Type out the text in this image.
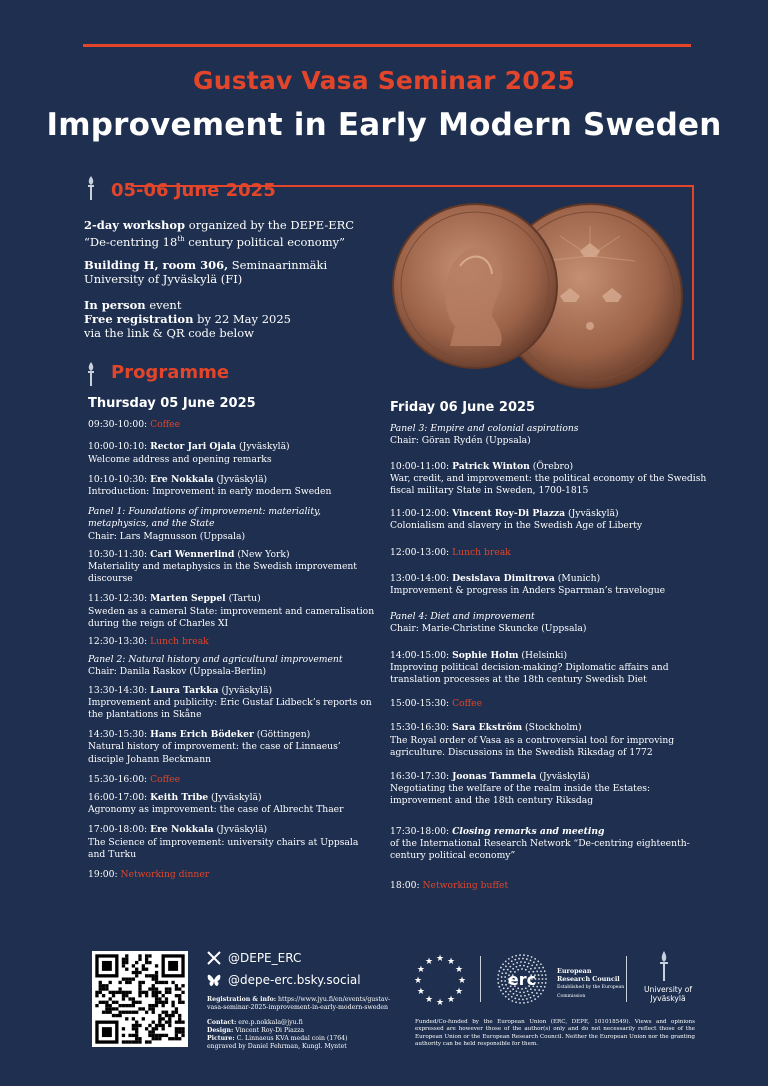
Gustav Vasa Seminar 2025
Improvement in Early Modern Sweden
05-06 June 2025
2-day workshop organized by the DEPE-ERC
“De-centring 18th century political economy”
Building H, room 306, Seminaarinmäki
University of Jyväskylä (FI)
In person event
Free registration by 22 May 2025
via the link & QR code below
Programme
Thursday 05 June 2025
09:30-10:00: Coffee
10:00-10:10: Rector Jari Ojala (Jyväskylä)
Welcome address and opening remarks
10:10-10:30: Ere Nokkala (Jyväskylä)
Introduction: Improvement in early modern Sweden
Panel 1: Foundations of improvement: materiality, metaphysics, and the State
Chair: Lars Magnusson (Uppsala)
10:30-11:30: Carl Wennerlind (New York)
Materiality and metaphysics in the Swedish improvement discourse
11:30-12:30: Marten Seppel (Tartu)
Sweden as a cameral State: improvement and cameralisation during the reign of Charles XI
12:30-13:30: Lunch break
Panel 2: Natural history and agricultural improvement
Chair: Danila Raskov (Uppsala-Berlin)
13:30-14:30: Laura Tarkka (Jyväskylä)
Improvement and publicity: Eric Gustaf Lidbeck’s reports on the plantations in Skåne
14:30-15:30: Hans Erich Bödeker (Göttingen)
Natural history of improvement: the case of Linnaeus’ disciple Johann Beckmann
15:30-16:00: Coffee
16:00-17:00: Keith Tribe (Jyväskylä)
Agronomy as improvement: the case of Albrecht Thaer
17:00-18:00: Ere Nokkala (Jyväskylä)
The Science of improvement: university chairs at Uppsala and Turku
19:00: Networking dinner
Friday 06 June 2025
Panel 3: Empire and colonial aspirations
Chair: Göran Rydén (Uppsala)
10:00-11:00: Patrick Winton (Örebro)
War, credit, and improvement: the political economy of the Swedish fiscal military State in Sweden, 1700-1815
11:00-12:00: Vincent Roy-Di Piazza (Jyväskylä)
Colonialism and slavery in the Swedish Age of Liberty
12:00-13:00: Lunch break
13:00-14:00: Desislava Dimitrova (Munich)
Improvement & progress in Anders Sparrman’s travelogue
Panel 4: Diet and improvement
Chair: Marie-Christine Skuncke (Uppsala)
14:00-15:00: Sophie Holm (Helsinki)
Improving political decision-making? Diplomatic affairs and translation processes at the 18th century Swedish Diet
15:00-15:30: Coffee
15:30-16:30: Sara Ekström (Stockholm)
The Royal order of Vasa as a controversial tool for improving agriculture. Discussions in the Swedish Riksdag of 1772
16:30-17:30: Joonas Tammela (Jyväskylä)
Negotiating the welfare of the realm inside the Estates: improvement and the 18th century Riksdag
17:30-18:00: Closing remarks and meeting
of the International Research Network “De-centring eighteenth-century political economy”
18:00: Networking buffet
@DEPE_ERC
@depe-erc.bsky.social
Registration & info: https://www.jyu.fi/en/events/gustav-vasa-seminar-2025-improvement-in-early-modern-sweden
Contact: ere.p.nokkala@jyu.fi
Design: Vincent Roy-Di Piazza
Picture: C. Linnaeus KVA medal coin (1764)
engraved by Daniel Fehrman, Kungl. Myntet
★
★
★
★
★
★
★
★
★ ★ ★
★	erc	European
Research Council
Established by the European Commission
University of Jyväskylä
Funded/Co-funded by the European Union (ERC, DEPE, 101018549). Views and opinions expressed are however those of the author(s) only and do not necessarily reflect those of the European Union or the European Research Council. Neither the European Union nor the granting authority can be held responsible for them.
